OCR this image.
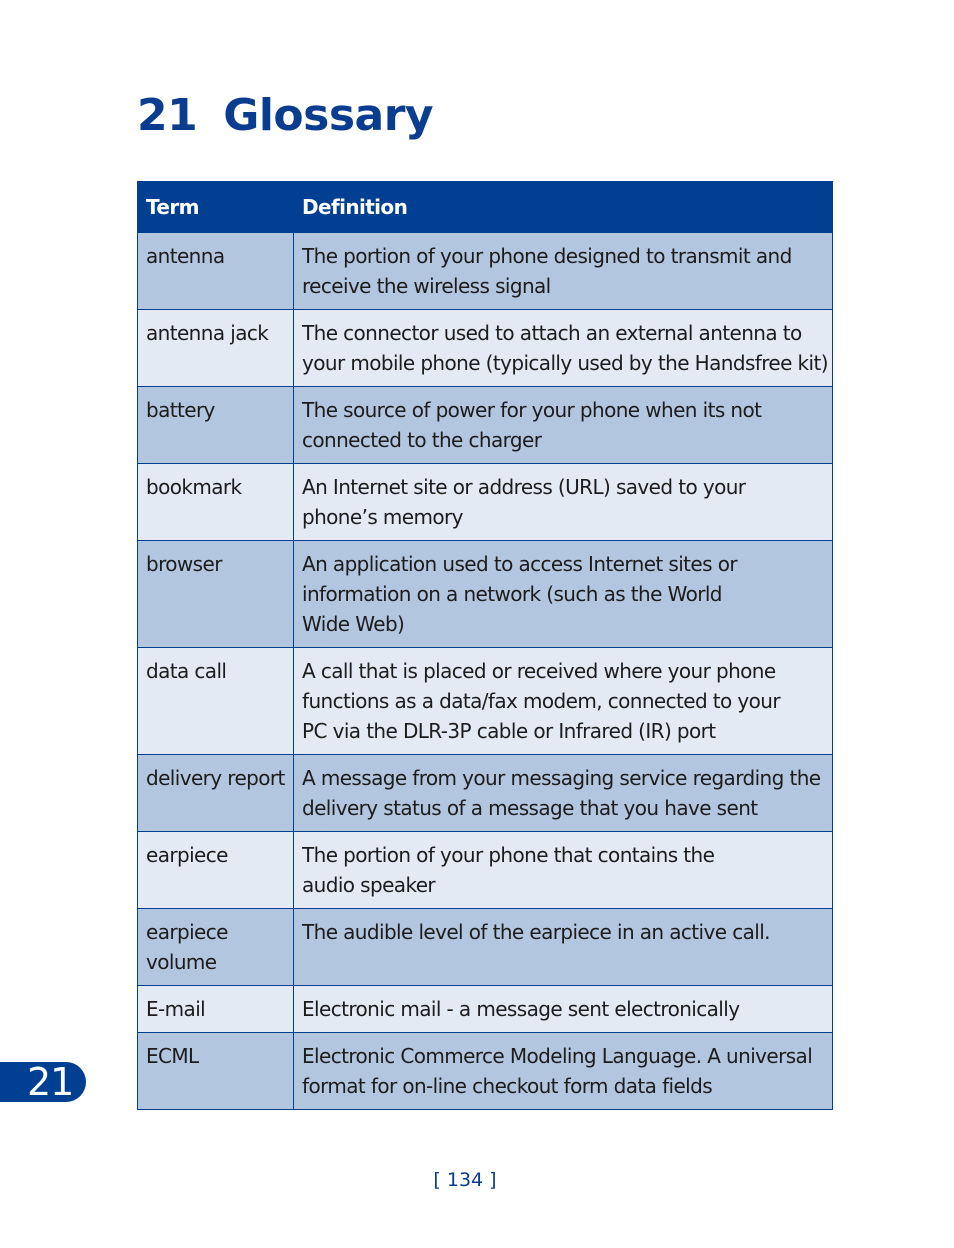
21 Glossary
Term	Definition
antenna	The portion of your phone designed to transmit and
receive the wireless signal

antenna jack	The connector used to attach an external antenna to
your mobile phone (typically used by the Handsfree kit)

battery	The source of power for your phone when its not
connected to the charger

bookmark	An Internet site or address (URL) saved to your
phone’s memory

browser	An application used to access Internet sites or
information on a network (such as the World
Wide Web)

data call	A call that is placed or received where your phone
functions as a data/fax modem, connected to your
PC via the DLR-3P cable or Infrared (IR) port

delivery report	A message from your messaging service regarding the
delivery status of a message that you have sent

earpiece	The portion of your phone that contains the
audio speaker

earpiece
volume	The audible level of the earpiece in an active call.

E-mail	Electronic mail - a message sent electronically

ECML	Electronic Commerce Modeling Language. A universal
format for on-line checkout form data fields
21
[ 134 ]
